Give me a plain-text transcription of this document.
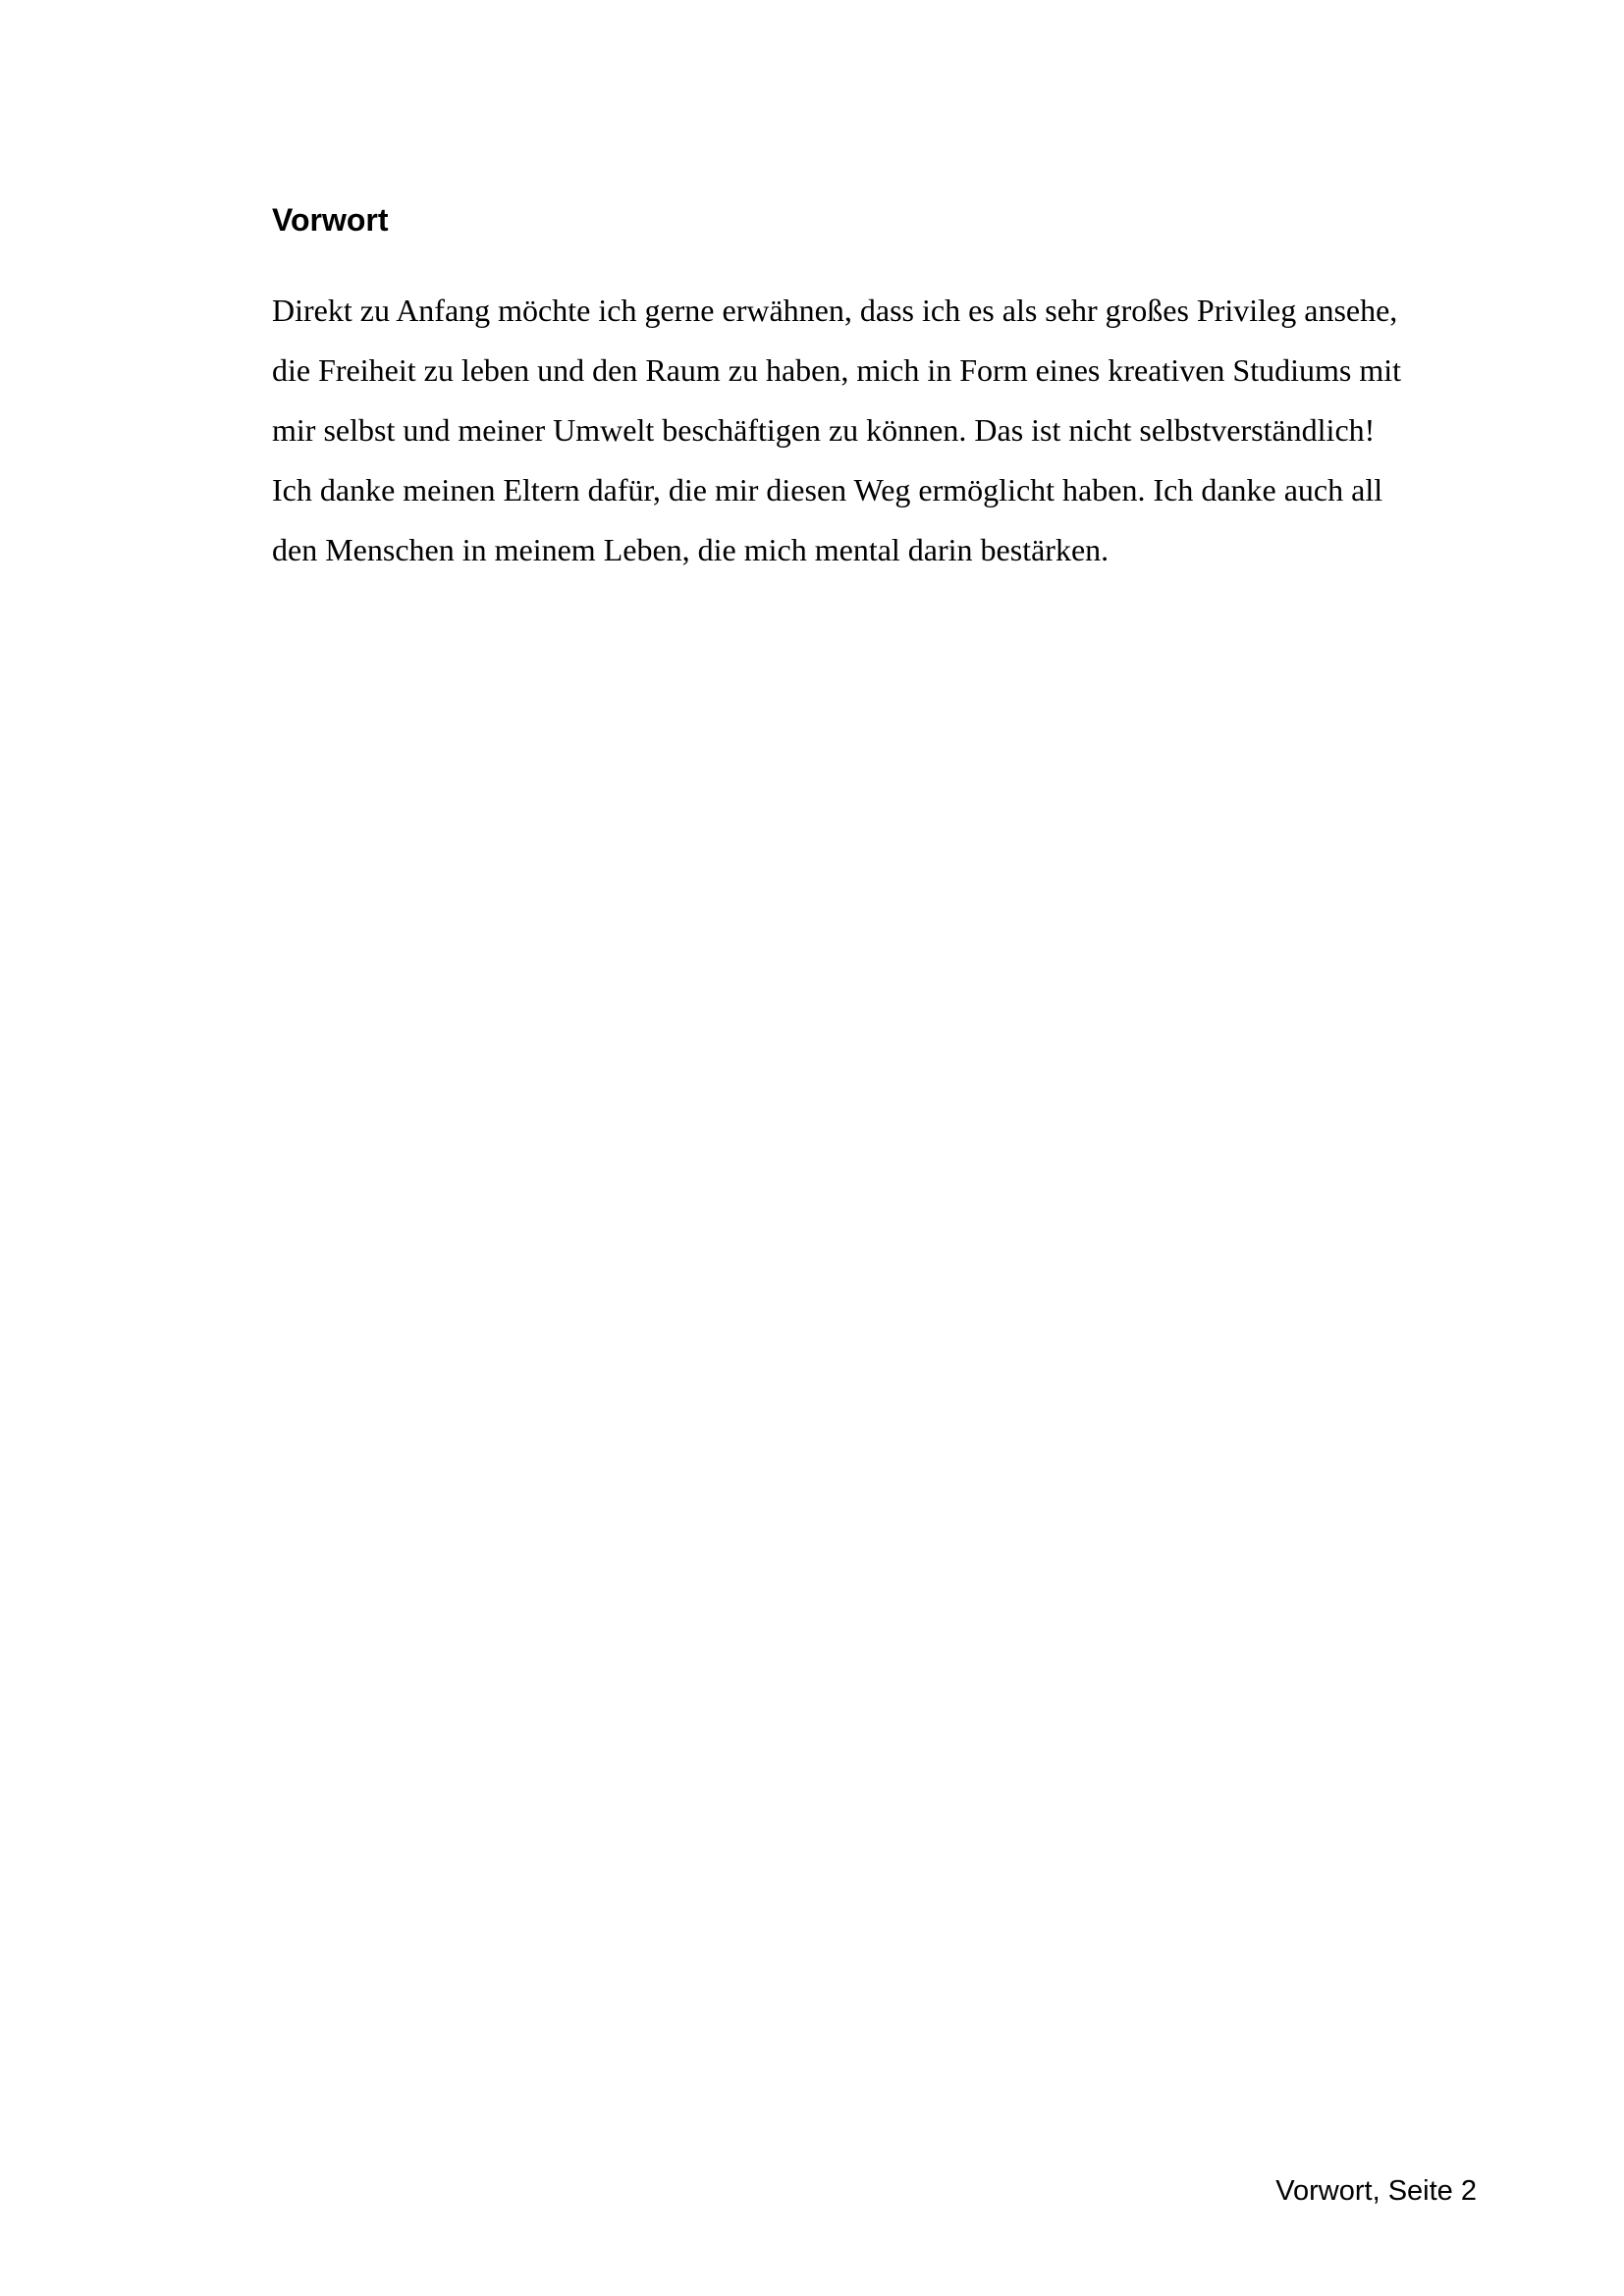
Vorwort

Direkt zu Anfang möchte ich gerne erwähnen, dass ich es als sehr großes Privileg ansehe,
die Freiheit zu leben und den Raum zu haben, mich in Form eines kreativen Studiums mit
mir selbst und meiner Umwelt beschäftigen zu können. Das ist nicht selbstverständlich!
Ich danke meinen Eltern dafür, die mir diesen Weg ermöglicht haben. Ich danke auch all
den Menschen in meinem Leben, die mich mental darin bestärken.

Vorwort, Seite 2
